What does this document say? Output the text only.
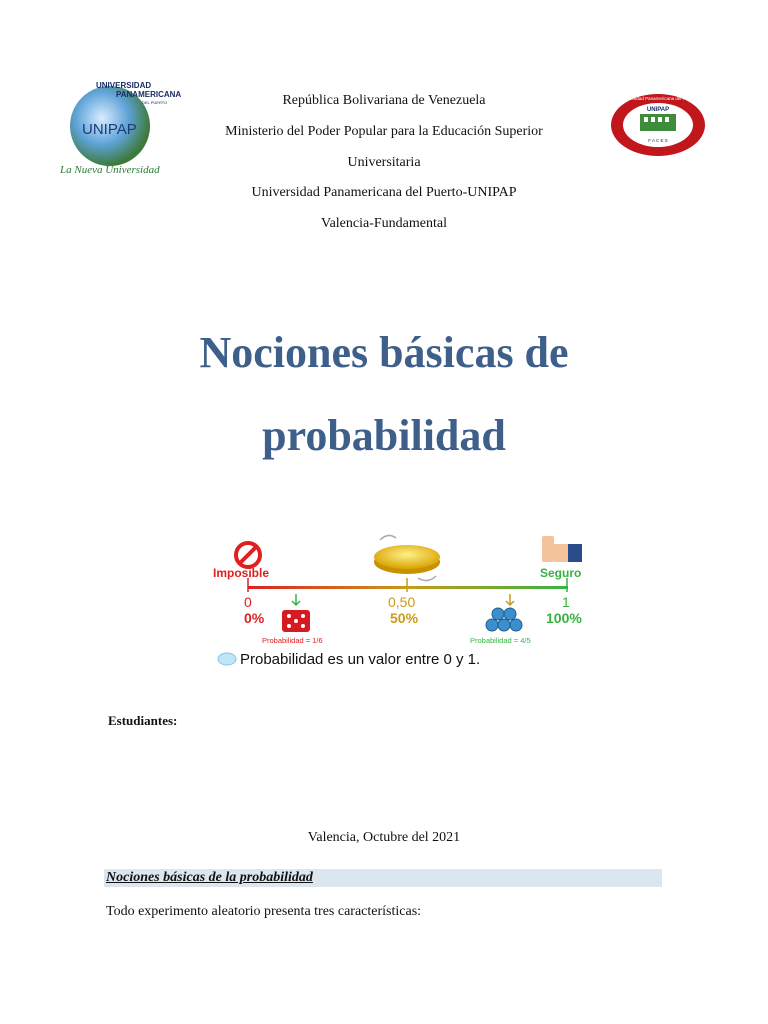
UNIVERSIDAD
PANAMERICANA
DEL PUERTO
UNIPAP
La Nueva Universidad
Universidad Panamericana del Puerto
UNIPAP
F A C E S
República Bolivariana de Venezuela
Ministerio del Poder Popular para la Educación Superior
Universitaria
Universidad Panamericana del Puerto-UNIPAP
Valencia-Fundamental
Nociones básicas de
probabilidad
Imposible	Seguro
0
0%
0,50
50%
1
100%
Probabilidad = 1/6	Probabilidad = 4/5
Probabilidad es un valor entre 0 y 1.
Estudiantes:
Valencia, Octubre del 2021
Nociones básicas de la probabilidad
Todo experimento aleatorio presenta tres características:
